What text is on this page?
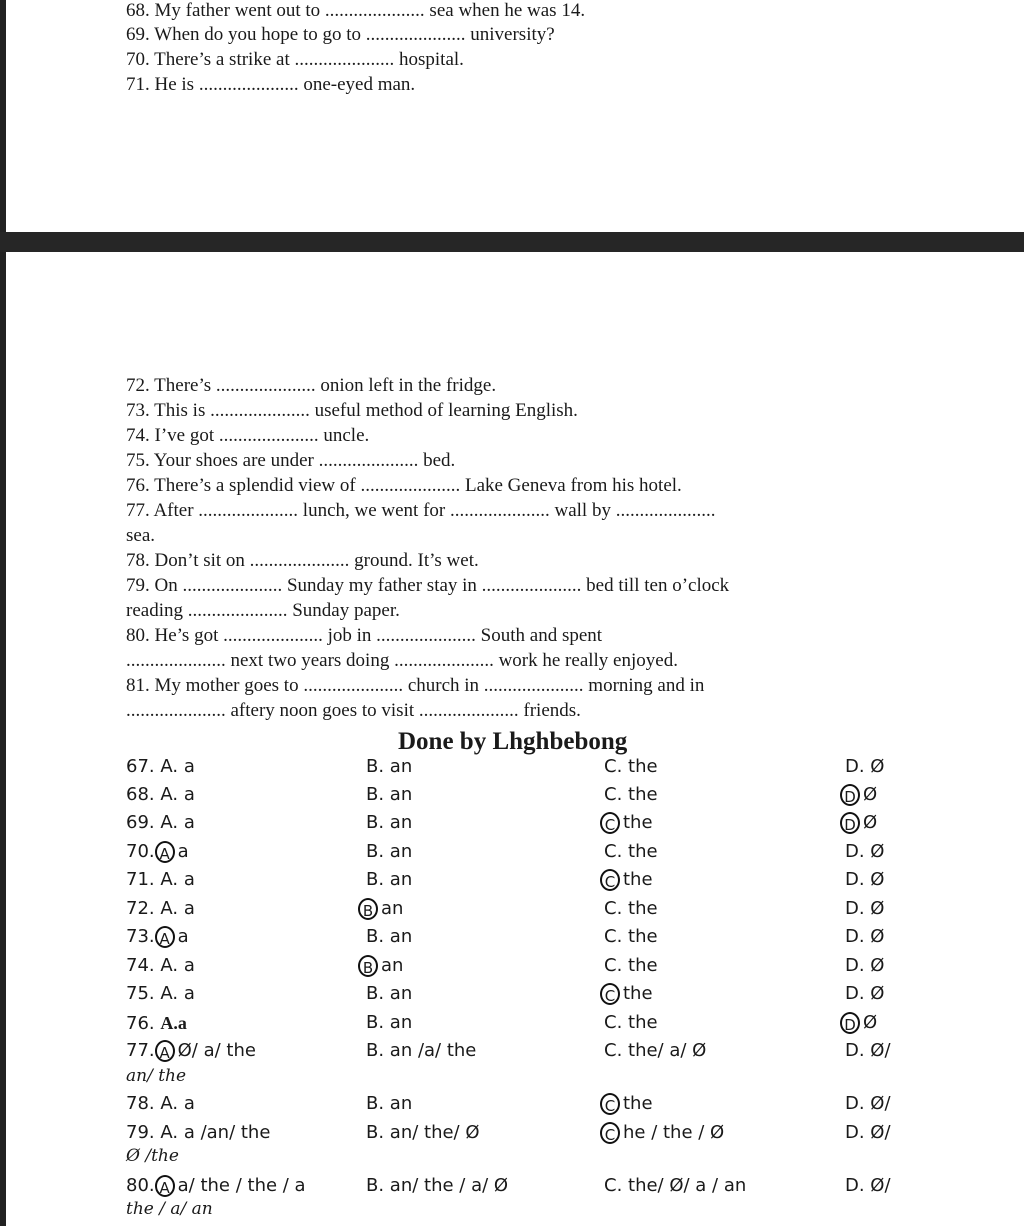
68. My father went out to ..................... sea when he was 14.
69. When do you hope to go to ..................... university?
70. There’s a strike at ..................... hospital.
71. He is ..................... one-eyed man.
72. There’s ..................... onion left in the fridge.
73. This is ..................... useful method of learning English.
74. I’ve got ..................... uncle.
75. Your shoes are under ..................... bed.
76. There’s a splendid view of ..................... Lake Geneva from his hotel.
77. After ..................... lunch, we went for ..................... wall by .....................
sea.
78. Don’t sit on ..................... ground. It’s wet.
79. On ..................... Sunday my father stay in ..................... bed till ten o’clock
reading ..................... Sunday paper.
80. He’s got ..................... job in ..................... South and spent
..................... next two years doing ..................... work he really enjoyed.
81. My mother goes to ..................... church in ..................... morning and in
..................... aftery noon goes to visit ..................... friends.
Done by Lhghbebong
67. A. a	B. an	C. the	D. Ø
68. A. a	B. an	C. the	D Ø
69. A. a	B. an	C the	D Ø
70. A a	B. an	C. the	D. Ø
71. A. a	B. an	C the	D. Ø
72. A. a	B an	C. the	D. Ø
73. A a	B. an	C. the	D. Ø
74. A. a	B an	C. the	D. Ø
75. A. a	B. an	C the	D. Ø
76. A.a	B. an	C. the	D Ø
77. A Ø/ a/ the	B. an /a/ the	C. the/ a/ Ø	D. Ø/
an/ the
78. A. a	B. an	C the	D. Ø/
79. A. a /an/ the	B. an/ the/ Ø	C he / the / Ø	D. Ø/
Ø /the
80. A a/ the / the / a	B. an/ the / a/ Ø	C. the/ Ø/ a / an	D. Ø/
the / a/ an
